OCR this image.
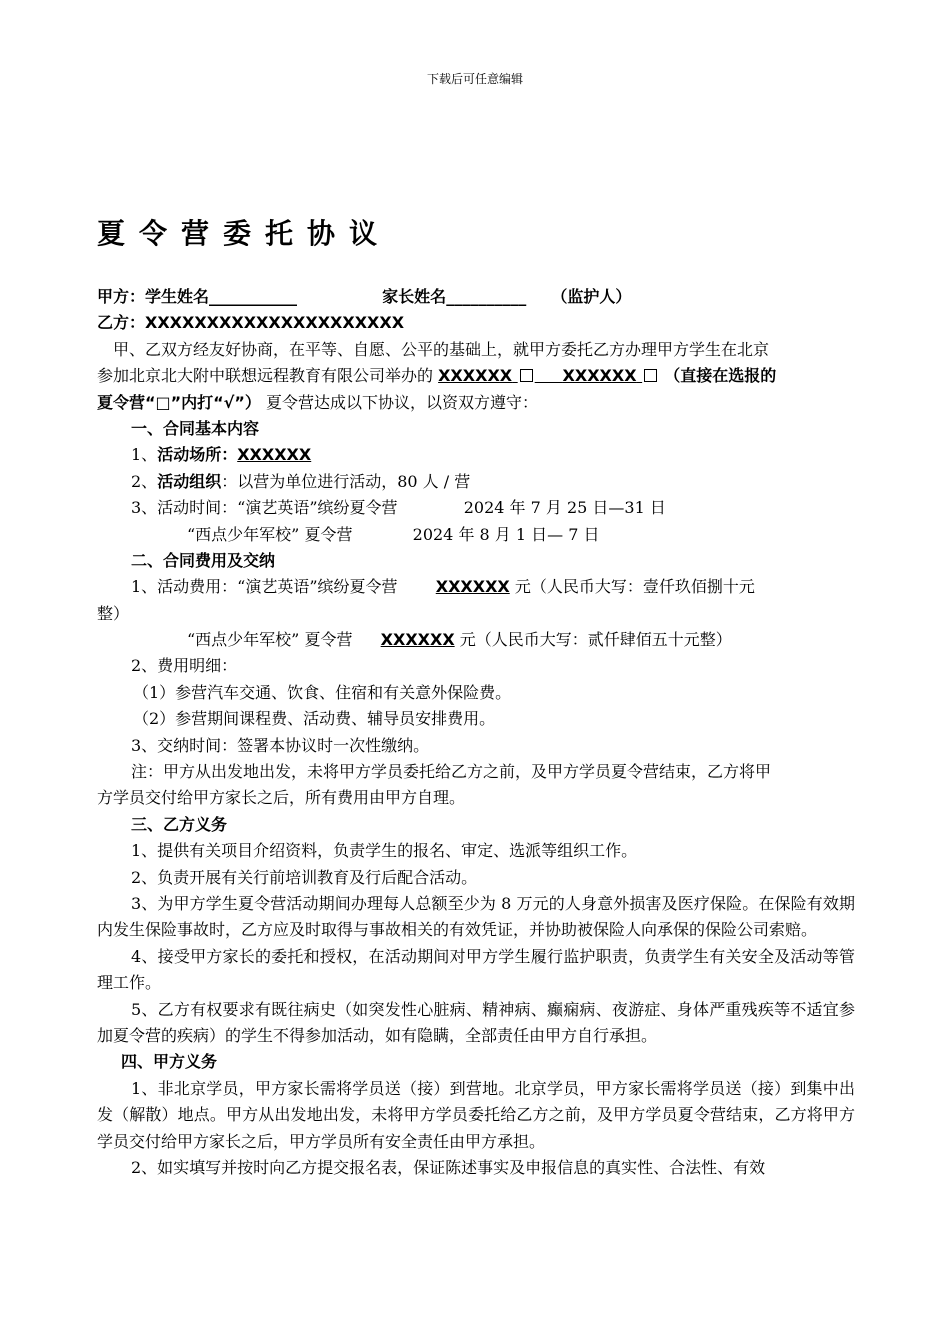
下载后可任意编辑
夏令营委托协议
甲方：学生姓名___________	家长姓名__________ （监护人）
乙方：XXXXXXXXXXXXXXXXXXXXX
甲、乙双方经友好协商，在平等、自愿、公平的基础上，就甲方委托乙方办理甲方学生在北京
参加北京北大附中联想远程教育有限公司举办的 XXXXXX	XXXXXX （直接在选报的
夏令营“□”内打“√”） 夏令营达成以下协议，以资双方遵守：
一、合同基本内容
1、活动场所：XXXXXX
2、活动组织：以营为单位进行活动，80 人 / 营
3、活动时间：“演艺英语”缤纷夏令营	2024 年 7 月 25 日—31 日
“西点少年军校” 夏令营	2024 年 8 月 1 日— 7 日
二、合同费用及交纳
1、活动费用：“演艺英语”缤纷夏令营 XXXXXX 元（人民币大写：壹仟玖佰捌十元
整）
“西点少年军校” 夏令营 XXXXXX 元（人民币大写：贰仟肆佰五十元整）
2、费用明细：
（1）参营汽车交通、饮食、住宿和有关意外保险费。
（2）参营期间课程费、活动费、辅导员安排费用。
3、交纳时间：签署本协议时一次性缴纳。
注：甲方从出发地出发，未将甲方学员委托给乙方之前，及甲方学员夏令营结束，乙方将甲
方学员交付给甲方家长之后，所有费用由甲方自理。
三、乙方义务
1、提供有关项目介绍资料，负责学生的报名、审定、选派等组织工作。
2、负责开展有关行前培训教育及行后配合活动。
3、为甲方学生夏令营活动期间办理每人总额至少为 8 万元的人身意外损害及医疗保险。在保险有效期内发生保险事故时，乙方应及时取得与事故相关的有效凭证，并协助被保险人向承保的保险公司索赔。
4、接受甲方家长的委托和授权，在活动期间对甲方学生履行监护职责，负责学生有关安全及活动等管理工作。
5、乙方有权要求有既往病史（如突发性心脏病、精神病、癫痫病、夜游症、身体严重残疾等不适宜参加夏令营的疾病）的学生不得参加活动，如有隐瞒，全部责任由甲方自行承担。
四、甲方义务
1、非北京学员，甲方家长需将学员送（接）到营地。北京学员，甲方家长需将学员送（接）到集中出发（解散）地点。甲方从出发地出发，未将甲方学员委托给乙方之前，及甲方学员夏令营结束，乙方将甲方学员交付给甲方家长之后，甲方学员所有安全责任由甲方承担。
2、如实填写并按时向乙方提交报名表，保证陈述事实及申报信息的真实性、合法性、有效
